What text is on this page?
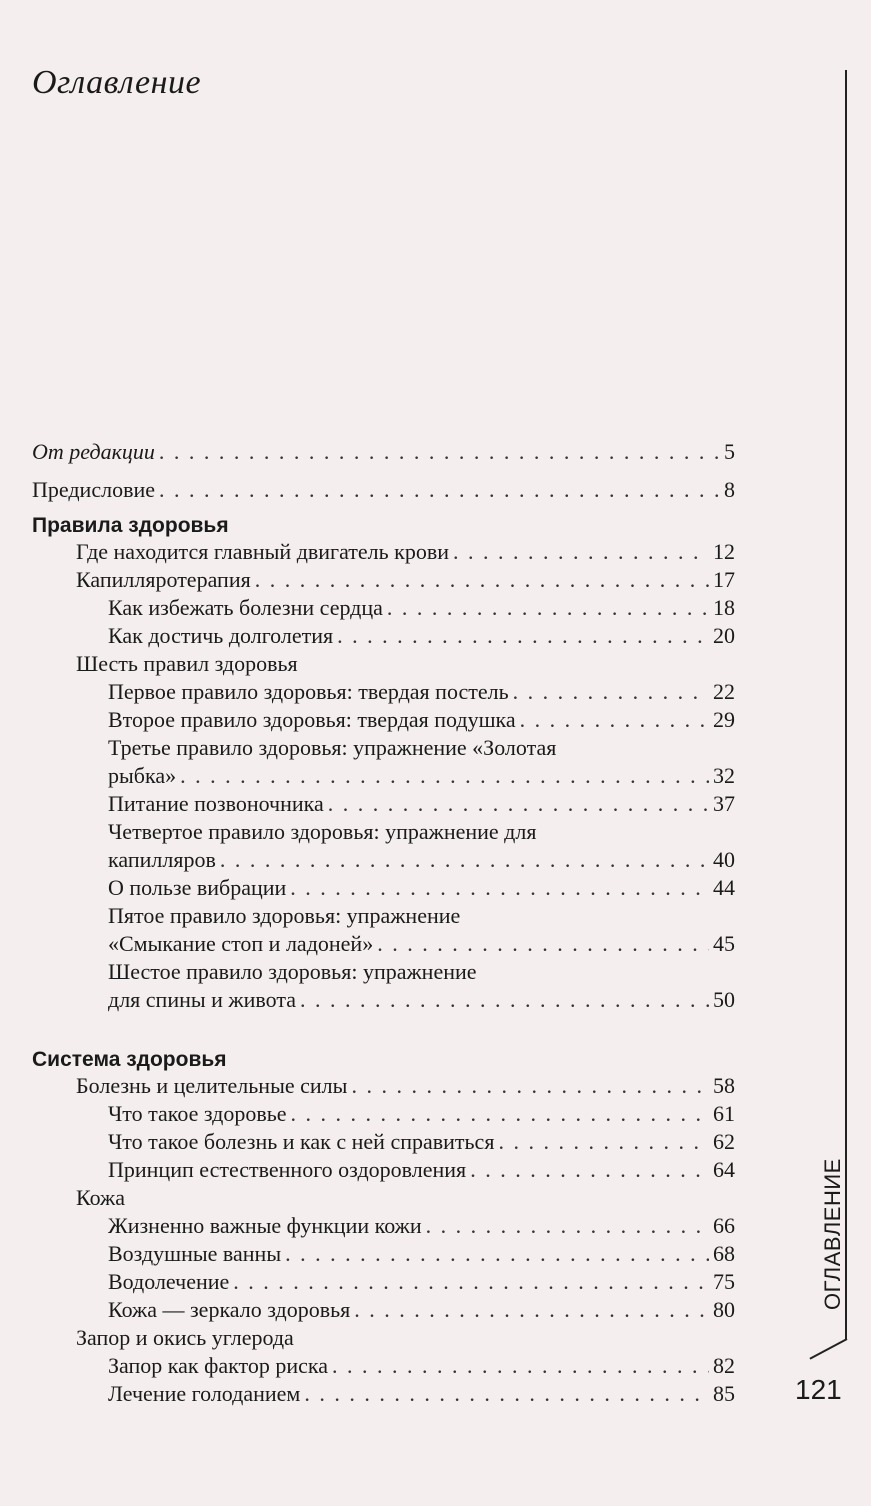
Оглавление
От редакции . . .	5
Предисловие . . .	8
Правила здоровья
Где находится главный двигатель крови . . .	12
Капилляротерапия . . .	17
Как избежать болезни сердца . . .	18
Как достичь долголетия . . .	20
Шесть правил здоровья
Первое правило здоровья: твердая постель . . .	22
Второе правило здоровья: твердая подушка . . .	29
Третье правило здоровья: упражнение «Золотая
рыбка» . . .	32
Питание позвоночника . . .	37
Четвертое правило здоровья: упражнение для
капилляров . . .	40
О пользе вибрации . . .	44
Пятое правило здоровья: упражнение
«Смыкание стоп и ладоней» . . .	45
Шестое правило здоровья: упражнение
для спины и живота . . .	50
Система здоровья
Болезнь и целительные силы . . .	58
Что такое здоровье . . .	61
Что такое болезнь и как с ней справиться . . .	62
Принцип естественного оздоровления . . .	64
Кожа
Жизненно важные функции кожи . . .	66
Воздушные ванны . . .	68
Водолечение . . .	75
Кожа — зеркало здоровья . . .	80
Запор и окись углерода
Запор как фактор риска . . .	82
Лечение голоданием . . .	85
ОГЛАВЛЕНИЕ
121
